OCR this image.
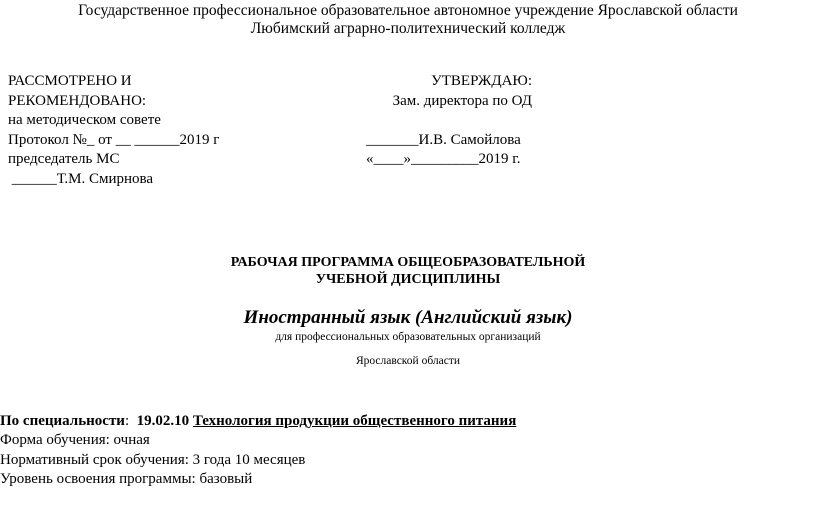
Государственное профессиональное образовательное автономное учреждение Ярославской области
Любимский аграрно-политехнический колледж
РАССМОТРЕНО И
РЕКОМЕНДОВАНО:
на методическом совете
Протокол №_ от __ ______2019 г
председатель МС
______Т.М. Смирнова
УТВЕРЖДАЮ:
Зам. директора по ОД
_______И.В. Самойлова
«____»_________2019 г.
РАБОЧАЯ ПРОГРАММА ОБЩЕОБРАЗОВАТЕЛЬНОЙ
УЧЕБНОЙ ДИСЦИПЛИНЫ
Иностранный язык (Английский язык)
для профессиональных образовательных организаций
Ярославской области
По специальности:  19.02.10 Технология продукции общественного питания
Форма обучения: очная
Нормативный срок обучения: 3 года 10 месяцев
Уровень освоения программы: базовый
